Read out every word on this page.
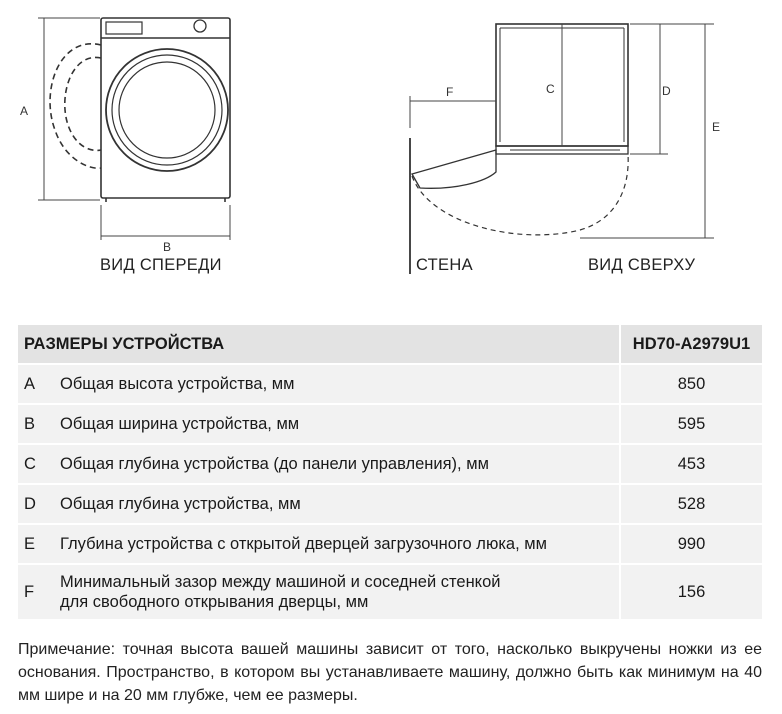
A
B
F	C	D
E
ВИД СПЕРЕДИ	СТЕНА	ВИД СВЕРХУ
РАЗМЕРЫ УСТРОЙСТВА		HD70-A2979U1
A	Общая высота устройства, мм	850
B	Общая ширина устройства, мм	595
C	Общая глубина устройства (до панели управления), мм	453
D	Общая глубина устройства, мм	528
E	Глубина устройства с открытой дверцей загрузочного люка, мм	990
F	Минимальный зазор между машиной и соседней стенкой
для свободного открывания дверцы, мм	156
Примечание: точная высота вашей машины зависит от того, насколько выкручены ножки из ее основания. Пространство, в котором вы устанавливаете машину, должно быть как минимум на 40 мм шире и на 20 мм глубже, чем ее размеры.
